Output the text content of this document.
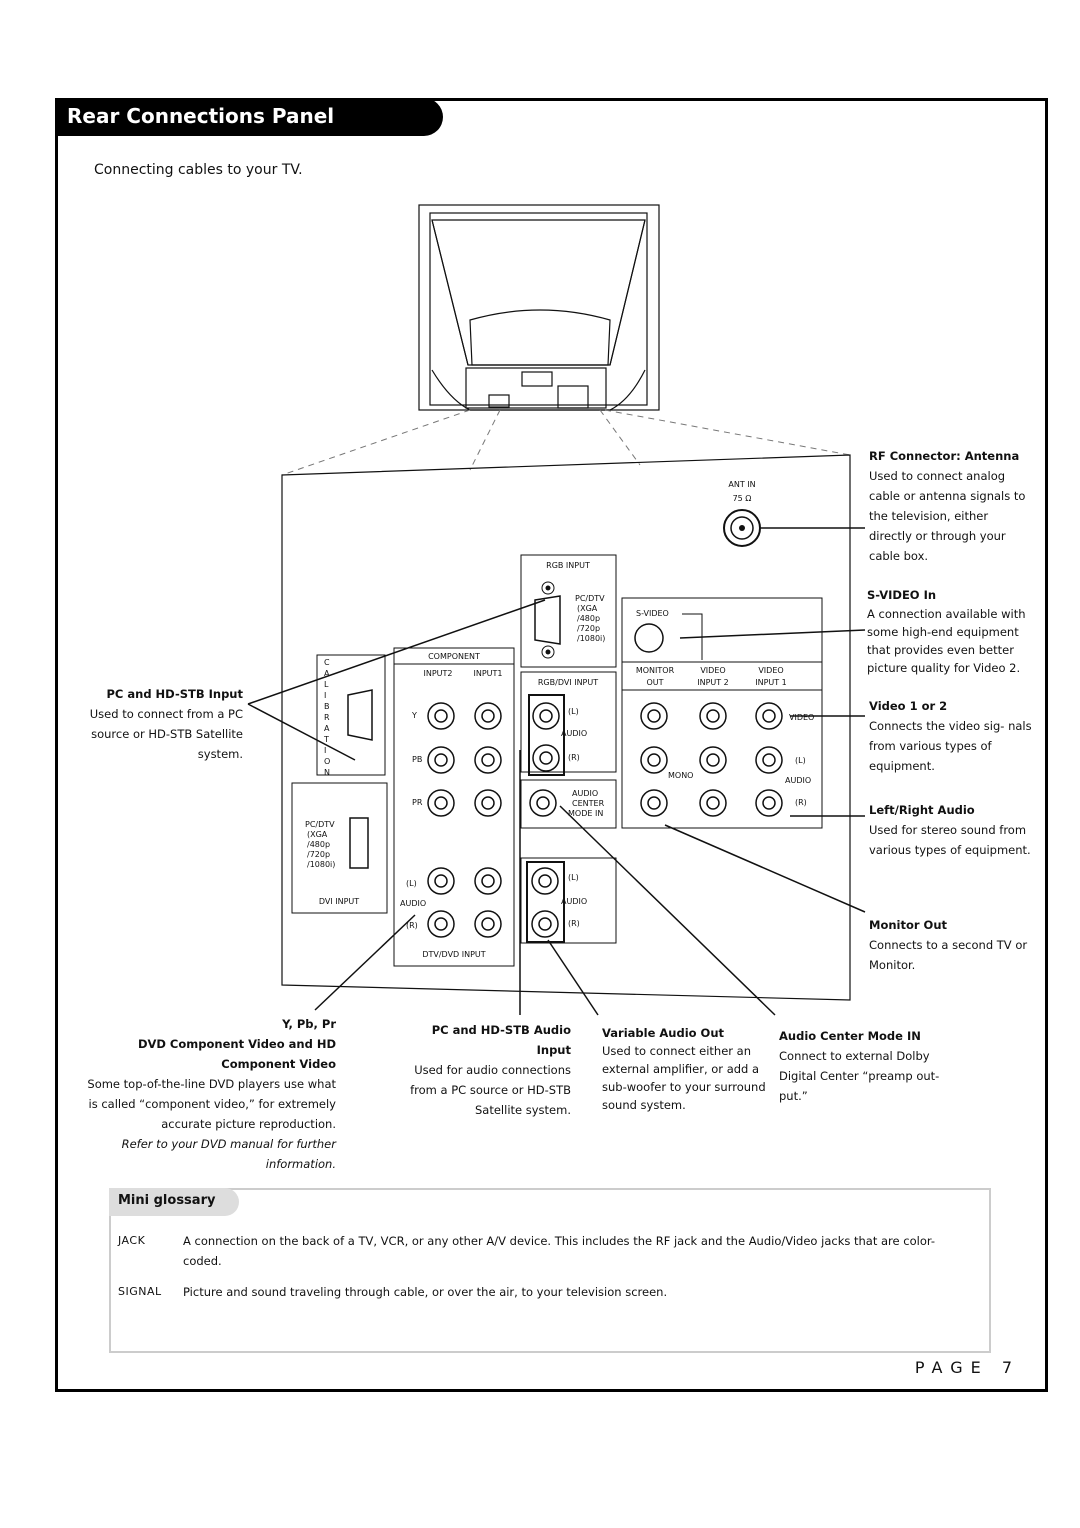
Rear Connections Panel
Connecting cables to your TV.
ANT IN
75 Ω
RGB INPUT
PC/DTV
(XGA
/480p
/720p
/1080i)
S-VIDEO
MONITOR
OUT
VIDEO
INPUT 2
VIDEO
INPUT 1
VIDEO
(L)
AUDIO
(R)
MONO
C
A
L
I
B
R
A
T
I
O
N
PC/DTV
(XGA
/480p
/720p
/1080i)
DVI INPUT
COMPONENT
INPUT2	INPUT1
Y
PB
PR
(L)
AUDIO
(R)
DTV/DVD INPUT
RGB/DVI INPUT
(L)
AUDIO
(R)
AUDIO
CENTER
MODE IN
(L)
AUDIO
(R)
RF Connector: Antenna
Used to connect analog cable or antenna signals to the television, either directly or through your cable box.
S-VIDEO In
A connection available with some high-end equipment that provides even better picture quality for Video 2.
Video 1 or 2
Connects the video sig- nals from various types of equipment.
Left/Right Audio
Used for stereo sound from various types of equipment.
Monitor Out
Connects to a second TV or Monitor.
PC and HD-STB Input
Used to connect from a PC source or HD-STB Satellite system.
Y, Pb, Pr
DVD Component Video and HD Component Video
Some top-of-the-line DVD players use what is called “component video,” for extremely accurate picture reproduction.
Refer to your DVD manual for further information.
PC and HD-STB Audio Input
Used for audio connections from a PC source or HD-STB Satellite system.
Variable Audio Out
Used to connect either an external amplifier, or add a sub-woofer to your surround sound system.
Audio Center Mode IN
Connect to external Dolby Digital Center “preamp out- put.”
Mini glossary
JACK	A connection on the back of a TV, VCR, or any other A/V device. This includes the RF jack and the Audio/Video jacks that are color-coded.
SIGNAL Picture and sound traveling through cable, or over the air, to your television screen.
PAGE 7
